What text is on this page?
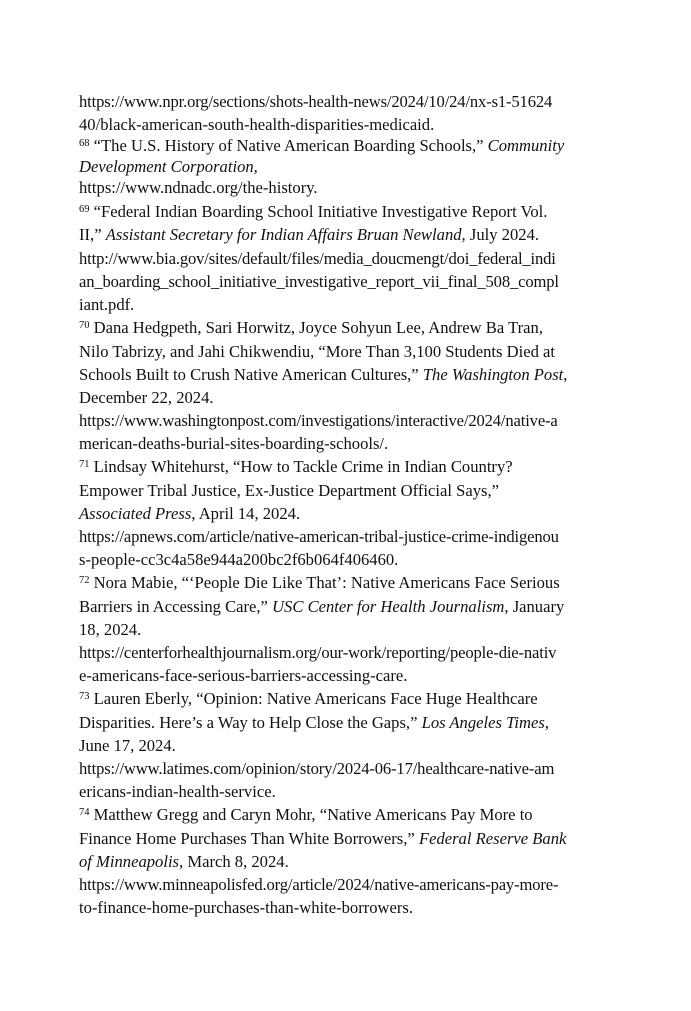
https://www.npr.org/sections/shots-health-news/2024/10/24/nx-s1-51624
40/black-american-south-health-disparities-medicaid.
$^{68}$ “The U.S. History of Native American Boarding Schools,” Community
Development Corporation,
https://www.ndnadc.org/the-history.
$^{69}$ “Federal Indian Boarding School Initiative Investigative Report Vol.
II,” Assistant Secretary for Indian Affairs Bruan Newland, July 2024.
http://www.bia.gov/sites/default/files/media_doucmengt/doi_federal_indi
an_boarding_school_initiative_investigative_report_vii_final_508_compl
iant.pdf.
$^{70}$ Dana Hedgpeth, Sari Horwitz, Joyce Sohyun Lee, Andrew Ba Tran,
Nilo Tabrizy, and Jahi Chikwendiu, “More Than 3,100 Students Died at
Schools Built to Crush Native American Cultures,” The Washington Post,
December 22, 2024.
https://www.washingtonpost.com/investigations/interactive/2024/native-a
merican-deaths-burial-sites-boarding-schools/.
$^{71}$ Lindsay Whitehurst, “How to Tackle Crime in Indian Country?
Empower Tribal Justice, Ex-Justice Department Official Says,”
Associated Press, April 14, 2024.
https://apnews.com/article/native-american-tribal-justice-crime-indigenou
s-people-cc3c4a58e944a200bc2f6b064f406460.
$^{72}$ Nora Mabie, “‘People Die Like That’: Native Americans Face Serious
Barriers in Accessing Care,” USC Center for Health Journalism, January
18, 2024.
https://centerforhealthjournalism.org/our-work/reporting/people-die-nativ
e-americans-face-serious-barriers-accessing-care.
$^{73}$ Lauren Eberly, “Opinion: Native Americans Face Huge Healthcare
Disparities. Here’s a Way to Help Close the Gaps,” Los Angeles Times,
June 17, 2024.
https://www.latimes.com/opinion/story/2024-06-17/healthcare-native-am
ericans-indian-health-service.
$^{74}$ Matthew Gregg and Caryn Mohr, “Native Americans Pay More to
Finance Home Purchases Than White Borrowers,” Federal Reserve Bank
of Minneapolis, March 8, 2024.
https://www.minneapolisfed.org/article/2024/native-americans-pay-more-
to-finance-home-purchases-than-white-borrowers.
